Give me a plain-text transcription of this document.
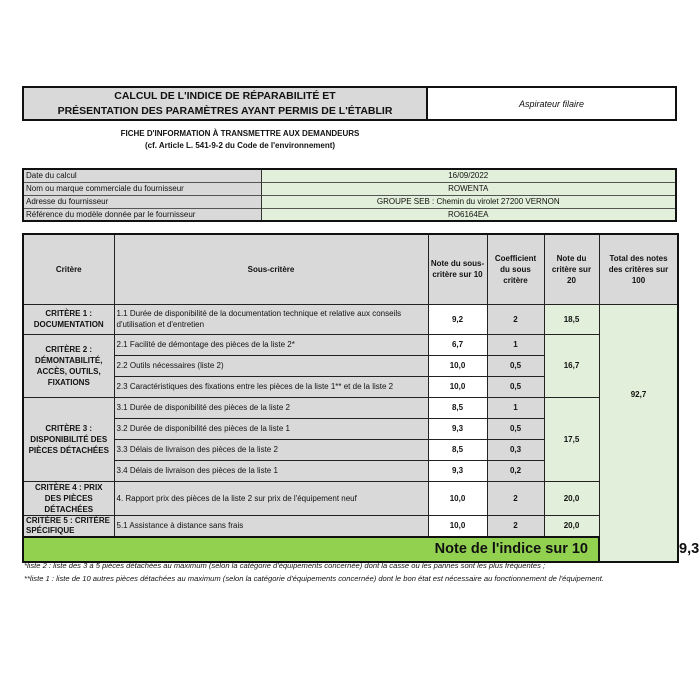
CALCUL DE L'INDICE DE RÉPARABILITÉ ET
PRÉSENTATION DES PARAMÈTRES AYANT PERMIS DE L'ÉTABLIR
Aspirateur filaire
FICHE D'INFORMATION À TRANSMETTRE AUX DEMANDEURS
(cf. Article L. 541-9-2 du Code de l'environnement)
Date du calcul	16/09/2022
Nom ou marque commerciale du fournisseur	ROWENTA
Adresse du fournisseur	GROUPE SEB : Chemin du virolet 27200 VERNON
Référence du modèle donnée par le fournisseur	RO6164EA
Critère	Sous-critère	Note du sous-critère sur 10	Coefficient du sous critère	Note du critère sur 20	Total des notes des critères sur 100	
CRITÈRE 1 : DOCUMENTATION	1.1 Durée de disponibilité de la documentation technique et relative aux conseils d'utilisation et d'entretien	9,2	2	18,5	92,7	

CRITÈRE 2 : DÉMONTABILITÉ, ACCÈS, OUTILS, FIXATIONS	2.1 Facilité de démontage des pièces de la liste 2*	6,7	1	16,7		
	2.2 Outils nécessaires (liste 2)	10,0	0,5			
	2.3 Caractéristiques des fixations entre les pièces de la liste 1** et de la liste 2	10,0	0,5			
CRITÈRE 3 : DISPONIBILITÉ DES PIÈCES DÉTACHÉES	3.1 Durée de disponibilité des pièces de la liste 2	8,5	1	17,5		
	3.2 Durée de disponibilité des pièces de la liste 1	9,3	0,5			
	3.3 Délais de livraison des pièces de la liste 2	8,5	0,3			
	3.4 Délais de livraison des pièces de la liste 1	9,3	0,2			
CRITÈRE 4 : PRIX DES PIÈCES DÉTACHÉES	4. Rapport prix des pièces de la liste 2 sur prix de l'équipement neuf	10,0	2	20,0		

CRITÈRE 5 : CRITÈRE SPÉCIFIQUE	5.1 Assistance à distance sans frais	10,0	2	20,0		
Note de l'indice sur 10						9,3
*liste 2 : liste des 3 à 5 pièces détachées au maximum (selon la catégorie d'équipements concernée) dont la casse ou les pannes sont les plus fréquentes ;
**liste 1 : liste de 10 autres pièces détachées au maximum (selon la catégorie d'équipements concernée) dont le bon état est nécessaire au fonctionnement de l'équipement.
